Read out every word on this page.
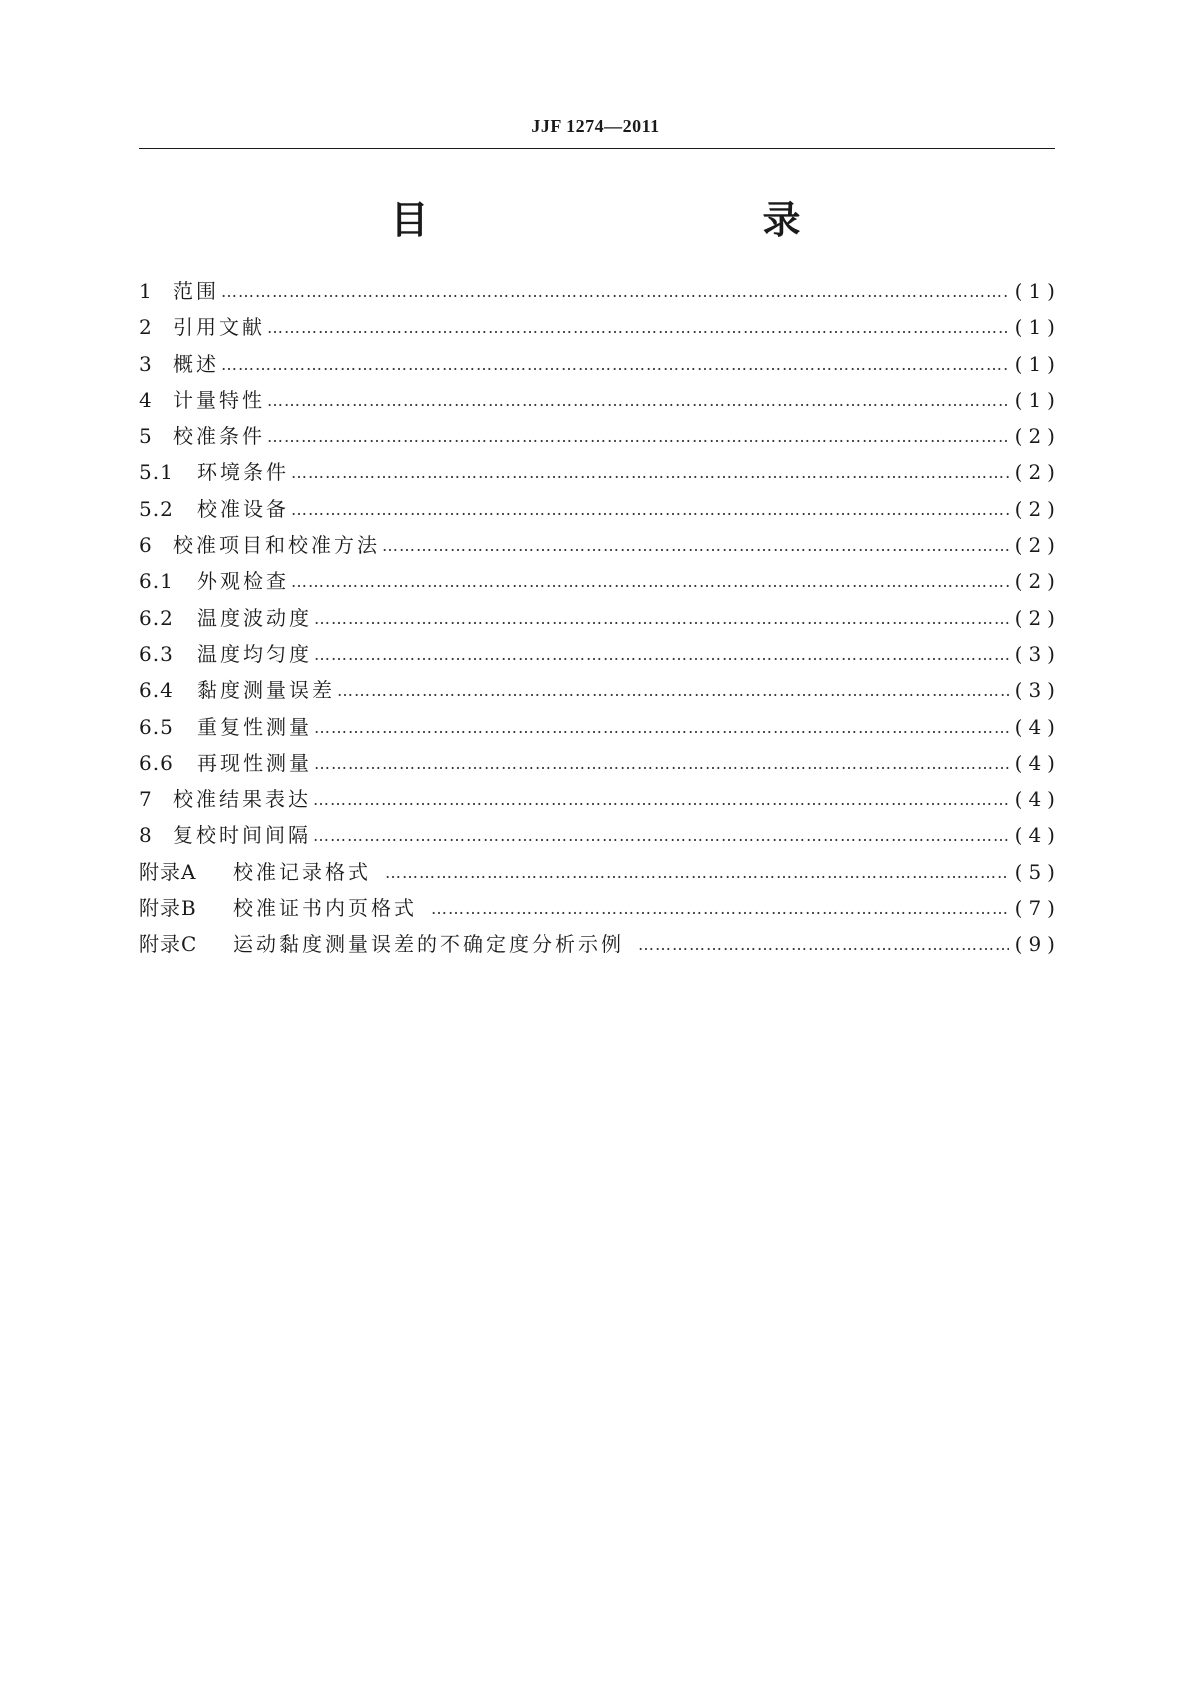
JJF 1274—2011
目　　录
1	范围 ……………………………………………………………………………………………………………………………………………………………………………………………………………………………………………	(1)
2	引用文献 ……………………………………………………………………………………………………………………………………………………………………………………………………………………………………………	(1)
3	概述 ……………………………………………………………………………………………………………………………………………………………………………………………………………………………………………	(1)
4	计量特性 ……………………………………………………………………………………………………………………………………………………………………………………………………………………………………………	(1)
5	校准条件 ……………………………………………………………………………………………………………………………………………………………………………………………………………………………………………	(2)
5.1	环境条件 ……………………………………………………………………………………………………………………………………………………………………………………………………………………………………………	(2)
5.2	校准设备 ……………………………………………………………………………………………………………………………………………………………………………………………………………………………………………	(2)
6	校准项目和校准方法 ……………………………………………………………………………………………………………………………………………………………………………………………………………………………………………	(2)
6.1	外观检查 ……………………………………………………………………………………………………………………………………………………………………………………………………………………………………………	(2)
6.2	温度波动度 ……………………………………………………………………………………………………………………………………………………………………………………………………………………………………………	(2)
6.3	温度均匀度 ……………………………………………………………………………………………………………………………………………………………………………………………………………………………………………	(3)
6.4	黏度测量误差 ……………………………………………………………………………………………………………………………………………………………………………………………………………………………………………	(3)
6.5	重复性测量 ……………………………………………………………………………………………………………………………………………………………………………………………………………………………………………	(4)
6.6	再现性测量 ……………………………………………………………………………………………………………………………………………………………………………………………………………………………………………	(4)
7	校准结果表达 ……………………………………………………………………………………………………………………………………………………………………………………………………………………………………………	(4)
8	复校时间间隔 ……………………………………………………………………………………………………………………………………………………………………………………………………………………………………………	(4)
附录A	校准记录格式 ……………………………………………………………………………………………………………………………………………………………………………………………………………………………………………	(5)
附录B	校准证书内页格式 ……………………………………………………………………………………………………………………………………………………………………………………………………………………………………………	(7)
附录C	运动黏度测量误差的不确定度分析示例 ……………………………………………………………………………………………………………………………………………………………………………………………………………………………………………	(9)
